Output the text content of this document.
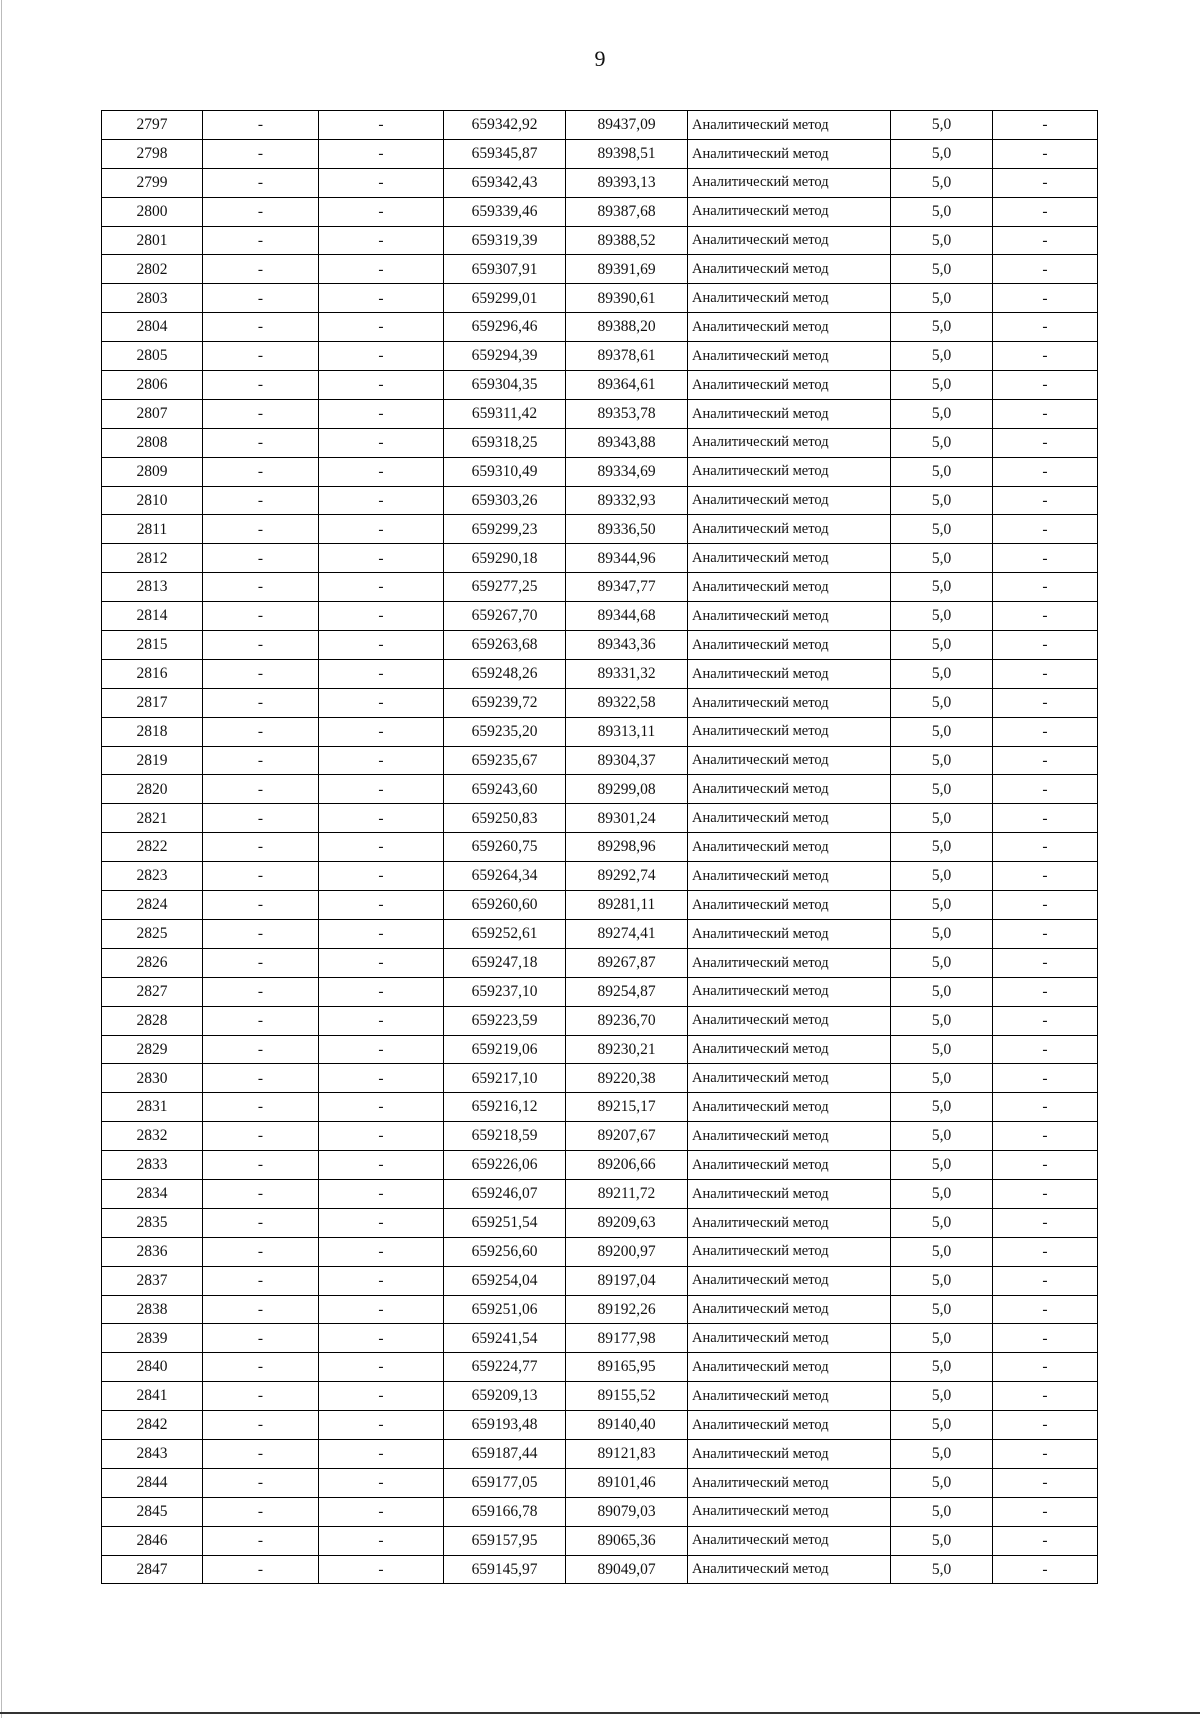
9
2797	-	-	659342,92	89437,09	Аналитический метод	5,0	-
2798	-	-	659345,87	89398,51	Аналитический метод	5,0	-
2799	-	-	659342,43	89393,13	Аналитический метод	5,0	-
2800	-	-	659339,46	89387,68	Аналитический метод	5,0	-
2801	-	-	659319,39	89388,52	Аналитический метод	5,0	-
2802	-	-	659307,91	89391,69	Аналитический метод	5,0	-
2803	-	-	659299,01	89390,61	Аналитический метод	5,0	-
2804	-	-	659296,46	89388,20	Аналитический метод	5,0	-
2805	-	-	659294,39	89378,61	Аналитический метод	5,0	-
2806	-	-	659304,35	89364,61	Аналитический метод	5,0	-
2807	-	-	659311,42	89353,78	Аналитический метод	5,0	-
2808	-	-	659318,25	89343,88	Аналитический метод	5,0	-
2809	-	-	659310,49	89334,69	Аналитический метод	5,0	-
2810	-	-	659303,26	89332,93	Аналитический метод	5,0	-
2811	-	-	659299,23	89336,50	Аналитический метод	5,0	-
2812	-	-	659290,18	89344,96	Аналитический метод	5,0	-
2813	-	-	659277,25	89347,77	Аналитический метод	5,0	-
2814	-	-	659267,70	89344,68	Аналитический метод	5,0	-
2815	-	-	659263,68	89343,36	Аналитический метод	5,0	-
2816	-	-	659248,26	89331,32	Аналитический метод	5,0	-
2817	-	-	659239,72	89322,58	Аналитический метод	5,0	-
2818	-	-	659235,20	89313,11	Аналитический метод	5,0	-
2819	-	-	659235,67	89304,37	Аналитический метод	5,0	-
2820	-	-	659243,60	89299,08	Аналитический метод	5,0	-
2821	-	-	659250,83	89301,24	Аналитический метод	5,0	-
2822	-	-	659260,75	89298,96	Аналитический метод	5,0	-
2823	-	-	659264,34	89292,74	Аналитический метод	5,0	-
2824	-	-	659260,60	89281,11	Аналитический метод	5,0	-
2825	-	-	659252,61	89274,41	Аналитический метод	5,0	-
2826	-	-	659247,18	89267,87	Аналитический метод	5,0	-
2827	-	-	659237,10	89254,87	Аналитический метод	5,0	-
2828	-	-	659223,59	89236,70	Аналитический метод	5,0	-
2829	-	-	659219,06	89230,21	Аналитический метод	5,0	-
2830	-	-	659217,10	89220,38	Аналитический метод	5,0	-
2831	-	-	659216,12	89215,17	Аналитический метод	5,0	-
2832	-	-	659218,59	89207,67	Аналитический метод	5,0	-
2833	-	-	659226,06	89206,66	Аналитический метод	5,0	-
2834	-	-	659246,07	89211,72	Аналитический метод	5,0	-
2835	-	-	659251,54	89209,63	Аналитический метод	5,0	-
2836	-	-	659256,60	89200,97	Аналитический метод	5,0	-
2837	-	-	659254,04	89197,04	Аналитический метод	5,0	-
2838	-	-	659251,06	89192,26	Аналитический метод	5,0	-
2839	-	-	659241,54	89177,98	Аналитический метод	5,0	-
2840	-	-	659224,77	89165,95	Аналитический метод	5,0	-
2841	-	-	659209,13	89155,52	Аналитический метод	5,0	-
2842	-	-	659193,48	89140,40	Аналитический метод	5,0	-
2843	-	-	659187,44	89121,83	Аналитический метод	5,0	-
2844	-	-	659177,05	89101,46	Аналитический метод	5,0	-
2845	-	-	659166,78	89079,03	Аналитический метод	5,0	-
2846	-	-	659157,95	89065,36	Аналитический метод	5,0	-
2847	-	-	659145,97	89049,07	Аналитический метод	5,0	-
